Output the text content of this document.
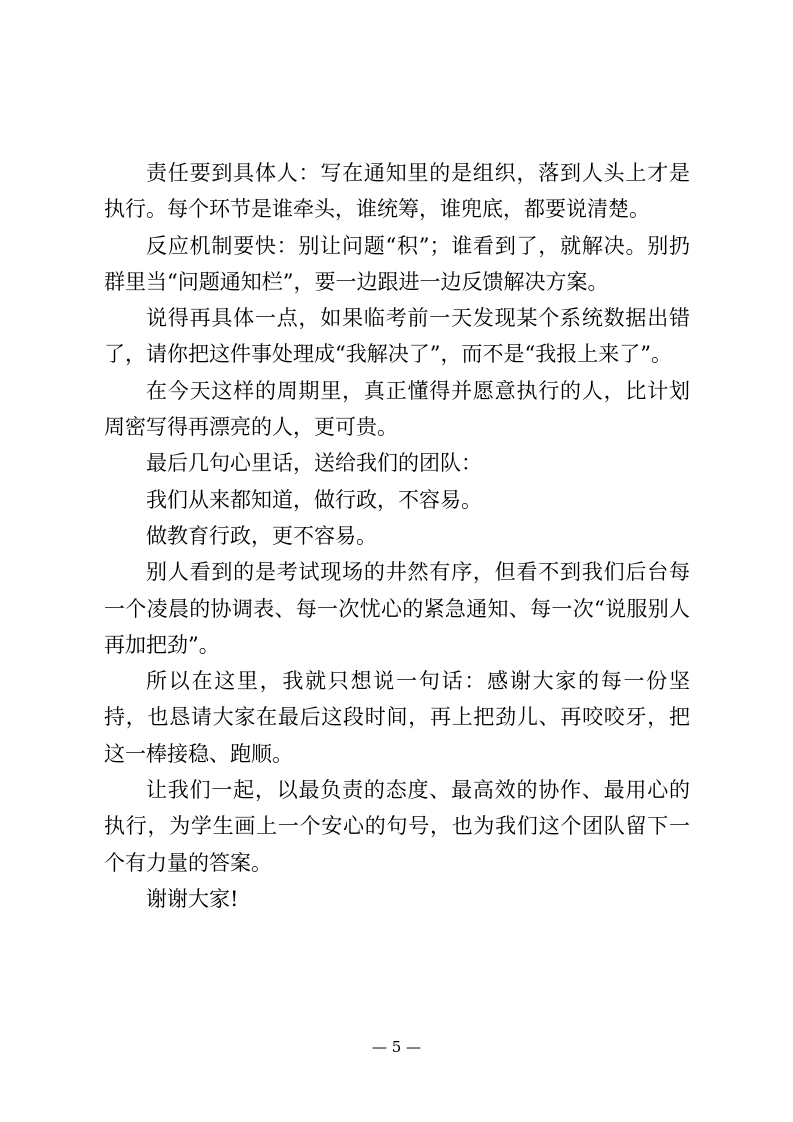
责任要到具体人：写在通知里的是组织，落到人头上才是执行。每个环节是谁牵头，谁统筹，谁兜底，都要说清楚。

反应机制要快：别让问题“积”；谁看到了，就解决。别扔群里当“问题通知栏”，要一边跟进一边反馈解决方案。

说得再具体一点，如果临考前一天发现某个系统数据出错了，请你把这件事处理成“我解决了”，而不是“我报上来了”。

在今天这样的周期里，真正懂得并愿意执行的人，比计划周密写得再漂亮的人，更可贵。

最后几句心里话，送给我们的团队：

我们从来都知道，做行政，不容易。

做教育行政，更不容易。

别人看到的是考试现场的井然有序，但看不到我们后台每一个凌晨的协调表、每一次忧心的紧急通知、每一次“说服别人再加把劲”。

所以在这里，我就只想说一句话：感谢大家的每一份坚持，也恳请大家在最后这段时间，再上把劲儿、再咬咬牙，把这一棒接稳、跑顺。

让我们一起，以最负责的态度、最高效的协作、最用心的执行，为学生画上一个安心的句号，也为我们这个团队留下一个有力量的答案。

谢谢大家!

— 5 —
